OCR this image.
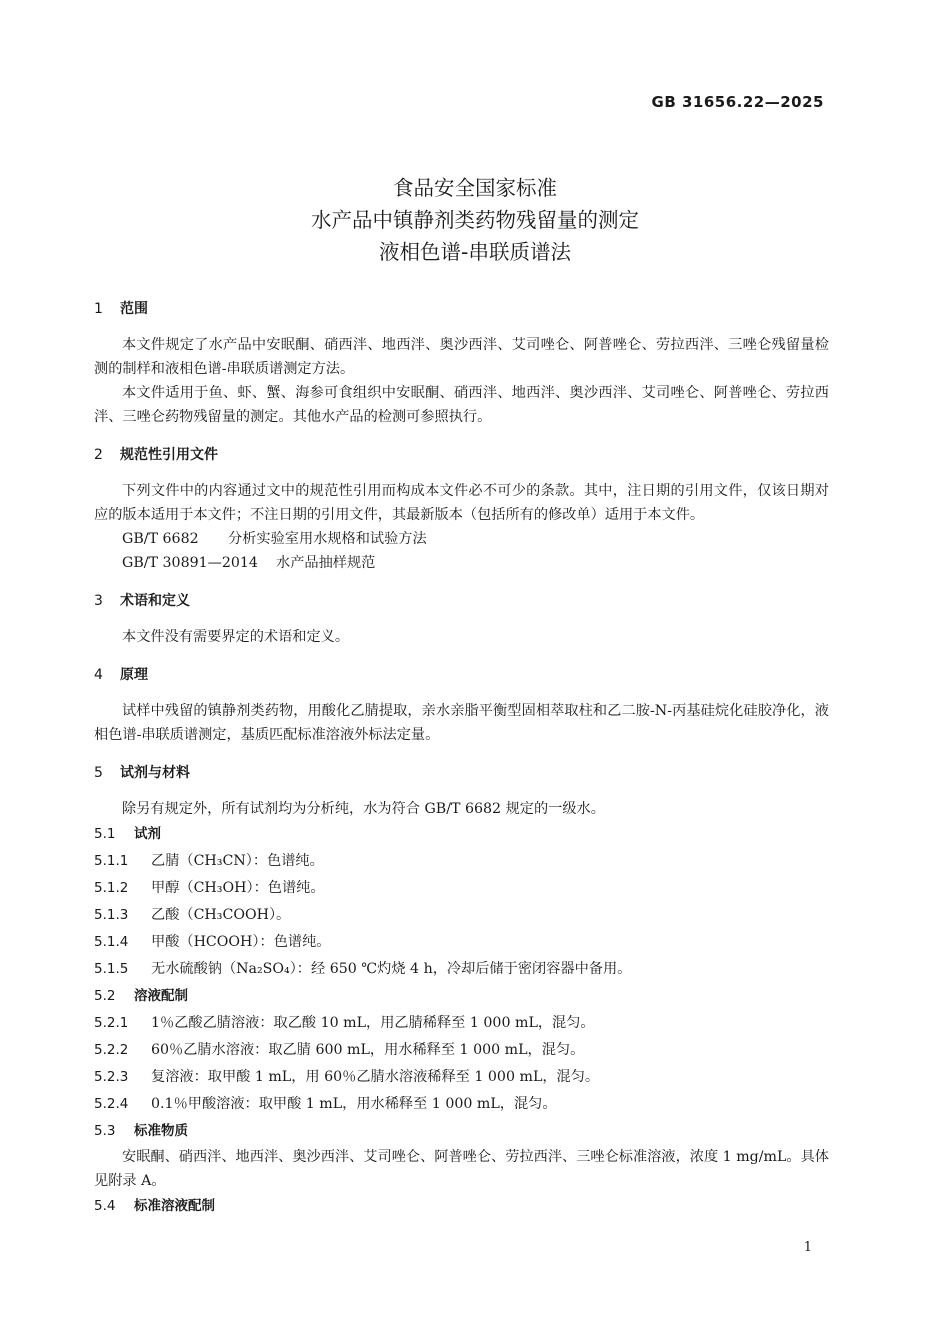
GB 31656.22—2025
食品安全国家标准
水产品中镇静剂类药物残留量的测定
液相色谱-串联质谱法
1 范围

本文件规定了水产品中安眠酮、硝西泮、地西泮、奥沙西泮、艾司唑仑、阿普唑仑、劳拉西泮、三唑仑残留量检测的制样和液相色谱-串联质谱测定方法。

本文件适用于鱼、虾、蟹、海参可食组织中安眠酮、硝西泮、地西泮、奥沙西泮、艾司唑仑、阿普唑仑、劳拉西泮、三唑仑药物残留量的测定。其他水产品的检测可参照执行。

2 规范性引用文件

下列文件中的内容通过文中的规范性引用而构成本文件必不可少的条款。其中，注日期的引用文件，仅该日期对应的版本适用于本文件；不注日期的引用文件，其最新版本（包括所有的修改单）适用于本文件。

GB/T 6682 分析实验室用水规格和试验方法

GB/T 30891—2014 水产品抽样规范

3 术语和定义

本文件没有需要界定的术语和定义。

4 原理

试样中残留的镇静剂类药物，用酸化乙腈提取，亲水亲脂平衡型固相萃取柱和乙二胺-N-丙基硅烷化硅胶净化，液相色谱-串联质谱测定，基质匹配标准溶液外标法定量。

5 试剂与材料

除另有规定外，所有试剂均为分析纯，水为符合 GB/T 6682 规定的一级水。

5.1 试剂

5.1.1 乙腈（CH₃CN）：色谱纯。

5.1.2 甲醇（CH₃OH）：色谱纯。

5.1.3 乙酸（CH₃COOH）。

5.1.4 甲酸（HCOOH）：色谱纯。

5.1.5 无水硫酸钠（Na₂SO₄）：经 650 ℃灼烧 4 h，冷却后储于密闭容器中备用。

5.2 溶液配制

5.2.1 1％乙酸乙腈溶液：取乙酸 10 mL，用乙腈稀释至 1 000 mL，混匀。

5.2.2 60％乙腈水溶液：取乙腈 600 mL，用水稀释至 1 000 mL，混匀。

5.2.3 复溶液：取甲酸 1 mL，用 60％乙腈水溶液稀释至 1 000 mL，混匀。

5.2.4 0.1％甲酸溶液：取甲酸 1 mL，用水稀释至 1 000 mL，混匀。

5.3 标准物质

安眠酮、硝西泮、地西泮、奥沙西泮、艾司唑仑、阿普唑仑、劳拉西泮、三唑仑标准溶液，浓度 1 mg/mL。具体见附录 A。

5.4 标准溶液配制
1
